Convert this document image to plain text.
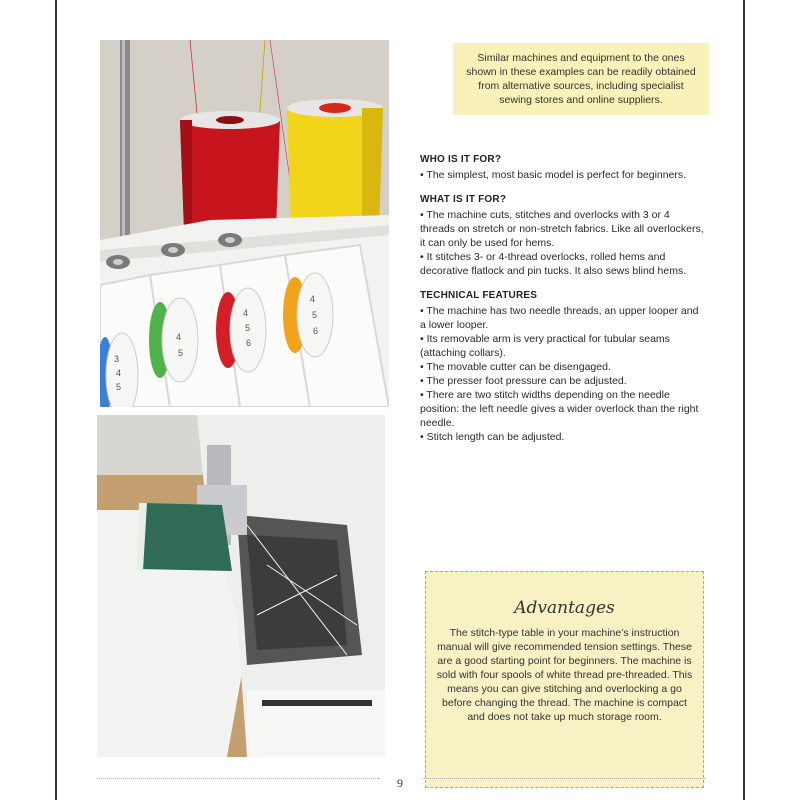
3
4
5
4
5
4
5
6
4
5
6
Similar machines and equipment to the ones shown in these examples can be readily obtained from alternative sources, including specialist sewing stores and online suppliers.
WHO IS IT FOR?
• The simplest, most basic model is perfect for beginners.
WHAT IS IT FOR?
• The machine cuts, stitches and overlocks with 3 or 4 threads on stretch or non-stretch fabrics. Like all overlockers, it can only be used for hems.
• It stitches 3- or 4-thread overlocks, rolled hems and decorative flatlock and pin tucks. It also sews blind hems.
TECHNICAL FEATURES
• The machine has two needle threads, an upper looper and a lower looper.
• Its removable arm is very practical for tubular seams (attaching collars).
• The movable cutter can be disengaged.
• The presser foot pressure can be adjusted.
• There are two stitch widths depending on the needle position: the left needle gives a wider overlock than the right needle.
• Stitch length can be adjusted.
Advantages
The stitch-type table in your machine’s instruction manual will give recommended tension settings. These are a good starting point for beginners. The machine is sold with four spools of white thread pre-threaded. This means you can give stitching and overlocking a go before changing the thread. The machine is compact and does not take up much storage room.
9
